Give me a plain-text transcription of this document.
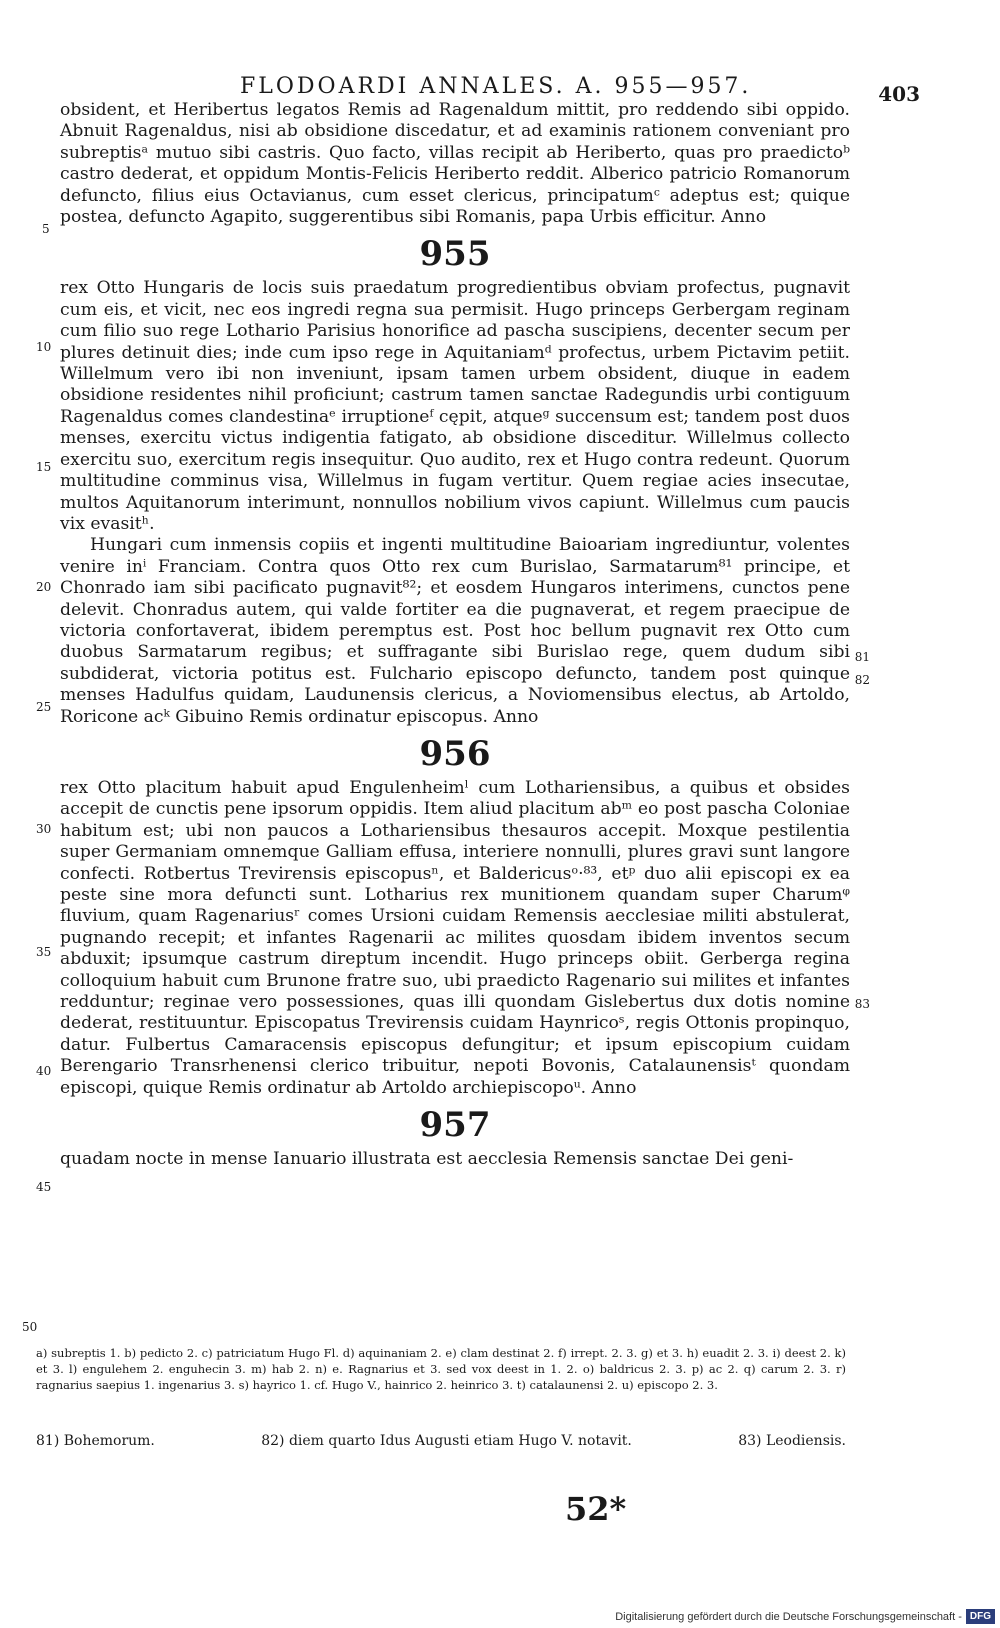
FLODOARDI ANNALES. A. 955—957.	403

obsident, et Heribertus legatos Remis ad Ragenaldum mittit, pro reddendo sibi oppido. Abnuit Ragenaldus, nisi ab obsidione discedatur, et ad examinis rationem conveniant pro subreptisᵃ mutuo sibi castris. Quo facto, villas recipit ab Heriberto, quas pro praedictoᵇ castro dederat, et oppidum Montis-Felicis Heriberto reddit. Alberico patricio Romanorum defuncto, filius eius Octavianus, cum esset clericus, principatumᶜ adeptus est; quique postea, defuncto Agapito, suggerentibus sibi Romanis, papa Urbis efficitur. Anno

955

rex Otto Hungaris de locis suis praedatum progredientibus obviam profectus, pugnavit cum eis, et vicit, nec eos ingredi regna sua permisit. Hugo princeps Gerbergam reginam cum filio suo rege Lothario Parisius honorifice ad pascha suscipiens, decenter secum per plures detinuit dies; inde cum ipso rege in Aquitaniamᵈ profectus, urbem Pictavim petiit. Willelmum vero ibi non inveniunt, ipsam tamen urbem obsident, diuque in eadem obsidione residentes nihil proficiunt; castrum tamen sanctae Radegundis urbi contiguum Ragenaldus comes clandestinaᵉ irruptioneᶠ cępit, atqueᵍ succensum est; tandem post duos menses, exercitu victus indigentia fatigato, ab obsidione disceditur. Willelmus collecto exercitu suo, exercitum regis insequitur. Quo audito, rex et Hugo contra redeunt. Quorum multitudine comminus visa, Willelmus in fugam vertitur. Quem regiae acies insecutae, multos Aquitanorum interimunt, nonnullos nobilium vivos capiunt. Willelmus cum paucis vix evasitʰ.

Hungari cum inmensis copiis et ingenti multitudine Baioariam ingrediuntur, volentes venire inⁱ Franciam. Contra quos Otto rex cum Burislao, Sarmatarum⁸¹ principe, et Chonrado iam sibi pacificato pugnavit⁸²; et eosdem Hungaros interimens, cunctos pene delevit. Chonradus autem, qui valde fortiter ea die pugnaverat, et regem praecipue de victoria confortaverat, ibidem peremptus est. Post hoc bellum pugnavit rex Otto cum duobus Sarmatarum regibus; et suffragante sibi Burislao rege, quem dudum sibi subdiderat, victoria potitus est. Fulchario episcopo defuncto, tandem post quinque menses Hadulfus quidam, Laudunensis clericus, a Noviomensibus electus, ab Artoldo, Roricone acᵏ Gibuino Remis ordinatur episcopus. Anno

956

rex Otto placitum habuit apud Engulenheimˡ cum Lothariensibus, a quibus et obsides accepit de cunctis pene ipsorum oppidis. Item aliud placitum abᵐ eo post pascha Coloniae habitum est; ubi non paucos a Lothariensibus thesauros accepit. Moxque pestilentia super Germaniam omnemque Galliam effusa, interiere nonnulli, plures gravi sunt langore confecti. Rotbertus Trevirensis episcopusⁿ, et Baldericusᵒ·⁸³, etᵖ duo alii episcopi ex ea peste sine mora defuncti sunt. Lotharius rex munitionem quandam super Charumᵠ fluvium, quam Ragenariusʳ comes Ursioni cuidam Remensis aecclesiae militi abstulerat, pugnando recepit; et infantes Ragenarii ac milites quosdam ibidem inventos secum abduxit; ipsumque castrum direptum incendit. Hugo princeps obiit. Gerberga regina colloquium habuit cum Brunone fratre suo, ubi praedicto Ragenario sui milites et infantes redduntur; reginae vero possessiones, quas illi quondam Gislebertus dux dotis nomine dederat, restituuntur. Episcopatus Trevirensis cuidam Haynricoˢ, regis Ottonis propinquo, datur. Fulbertus Camaracensis episcopus defungitur; et ipsum episcopium cuidam Berengario Transrhenensi clerico tribuitur, nepoti Bovonis, Catalaunensisᵗ quondam episcopi, quique Remis ordinatur ab Artoldo archiepiscopoᵘ. Anno

957

quadam nocte in mense Ianuario illustrata est aecclesia Remensis sanctae Dei geni-

5
10
15
20
25
30
35
40
45
50
81
82
83

a) subreptis 1. b) pedicto 2. c) patriciatum Hugo Fl. d) aquinaniam 2. e) clam destinat 2. f) irrept. 2. 3. g) et 3. h) euadit 2. 3. i) deest 2. k) et 3. l) engulehem 2. enguhecin 3. m) hab 2. n) e. Ragnarius et 3. sed vox deest in 1. 2. o) baldricus 2. 3. p) ac 2. q) carum 2. 3. r) ragnarius saepius 1. ingenarius 3. s) hayrico 1. cf. Hugo V., hainrico 2. heinrico 3. t) catalaunensi 2. u) episcopo 2. 3.

81) Bohemorum.	82) diem quarto Idus Augusti etiam Hugo V. notavit.	83) Leodiensis.
52*
Digitalisierung gefördert durch die Deutsche Forschungsgemeinschaft - DFG
